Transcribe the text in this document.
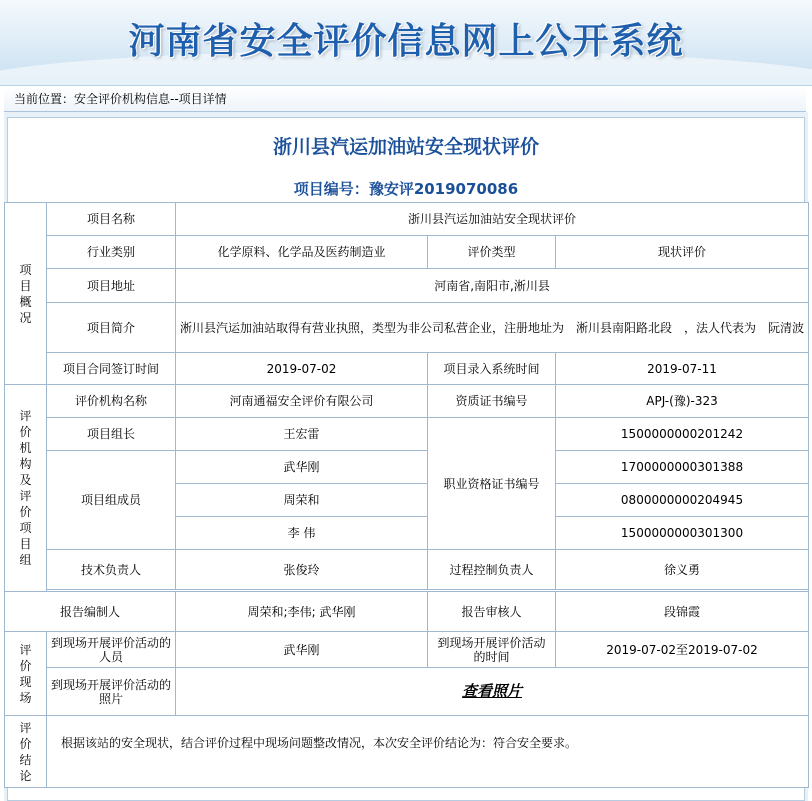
河南省安全评价信息网上公开系统
当前位置：安全评价机构信息--项目详情
浙川县汽运加油站安全现状评价
项目编号：豫安评2019070086
项目概况	项目名称	浙川县汽运加油站安全现状评价		
	行业类别	化学原料、化学品及医药制造业	评价类型	现状评价
	项目地址	河南省,南阳市,淅川县		
	项目简介	淅川县汽运加油站取得有营业执照，类型为非公司私营企业，注册地址为　淅川县南阳路北段　，法人代表为　阮清波		
	项目合同签订时间	2019-07-02	项目录入系统时间	2019-07-11

评价机构及评价项目组	评价机构名称	河南通福安全评价有限公司	资质证书编号	APJ-(豫)-323
	项目组长	王宏雷	职业资格证书编号	1500000000201242
	项目组成员	武华刚		1700000000301388
		周荣和		0800000000204945
		李 伟		1500000000301300
	技术负责人	张俊玲	过程控制负责人	徐义勇

报告编制人		周荣和;李伟; 武华刚	报告审核人	段锦霞

评价现场	到现场开展评价活动的人员	武华刚	到现场开展评价活动的时间	2019-07-02至2019-07-02
	到现场开展评价活动的照片	查看照片		

评价结论	根据该站的安全现状，结合评价过程中现场问题整改情况，本次安全评价结论为：符合安全要求。			
